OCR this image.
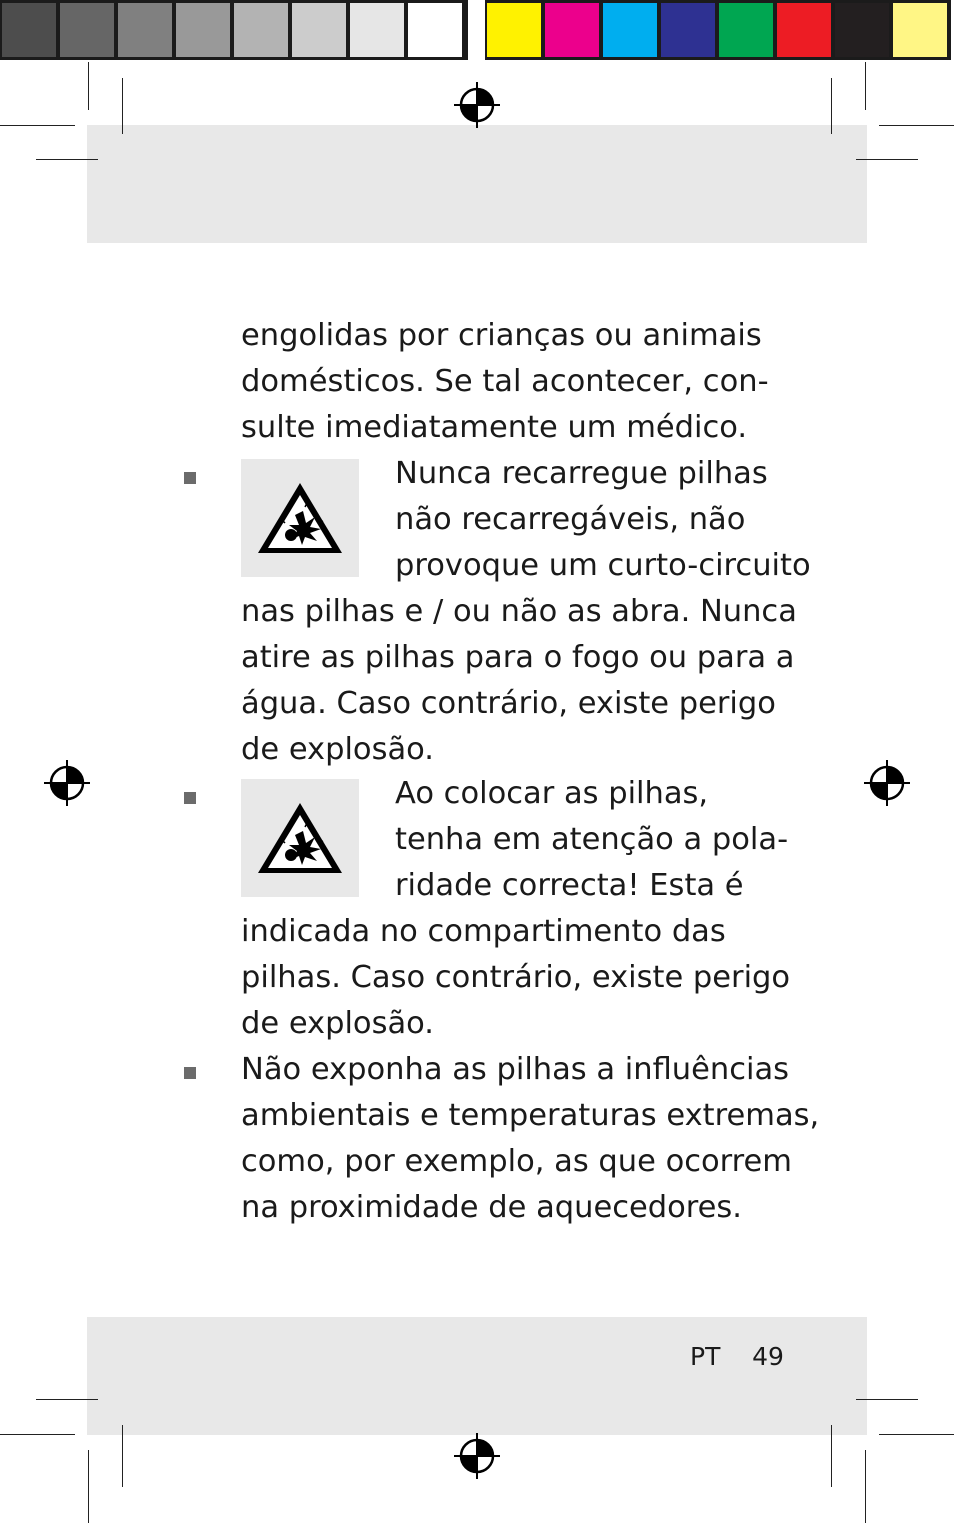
engolidas por crianças ou animais
domésticos. Se tal acontecer, con-
sulte imediatamente um médico.
Nunca recarregue pilhas
não recarregáveis, não
provoque um curto-circuito
nas pilhas e / ou não as abra. Nunca
atire as pilhas para o fogo ou para a
água. Caso contrário, existe perigo
de explosão.
Ao colocar as pilhas,
tenha em atenção a pola-
ridade correcta! Esta é
indicada no compartimento das
pilhas. Caso contrário, existe perigo
de explosão.
Não exponha as pilhas a influências
ambientais e temperaturas extremas,
como, por exemplo, as que ocorrem
na proximidade de aquecedores.
PT 49
